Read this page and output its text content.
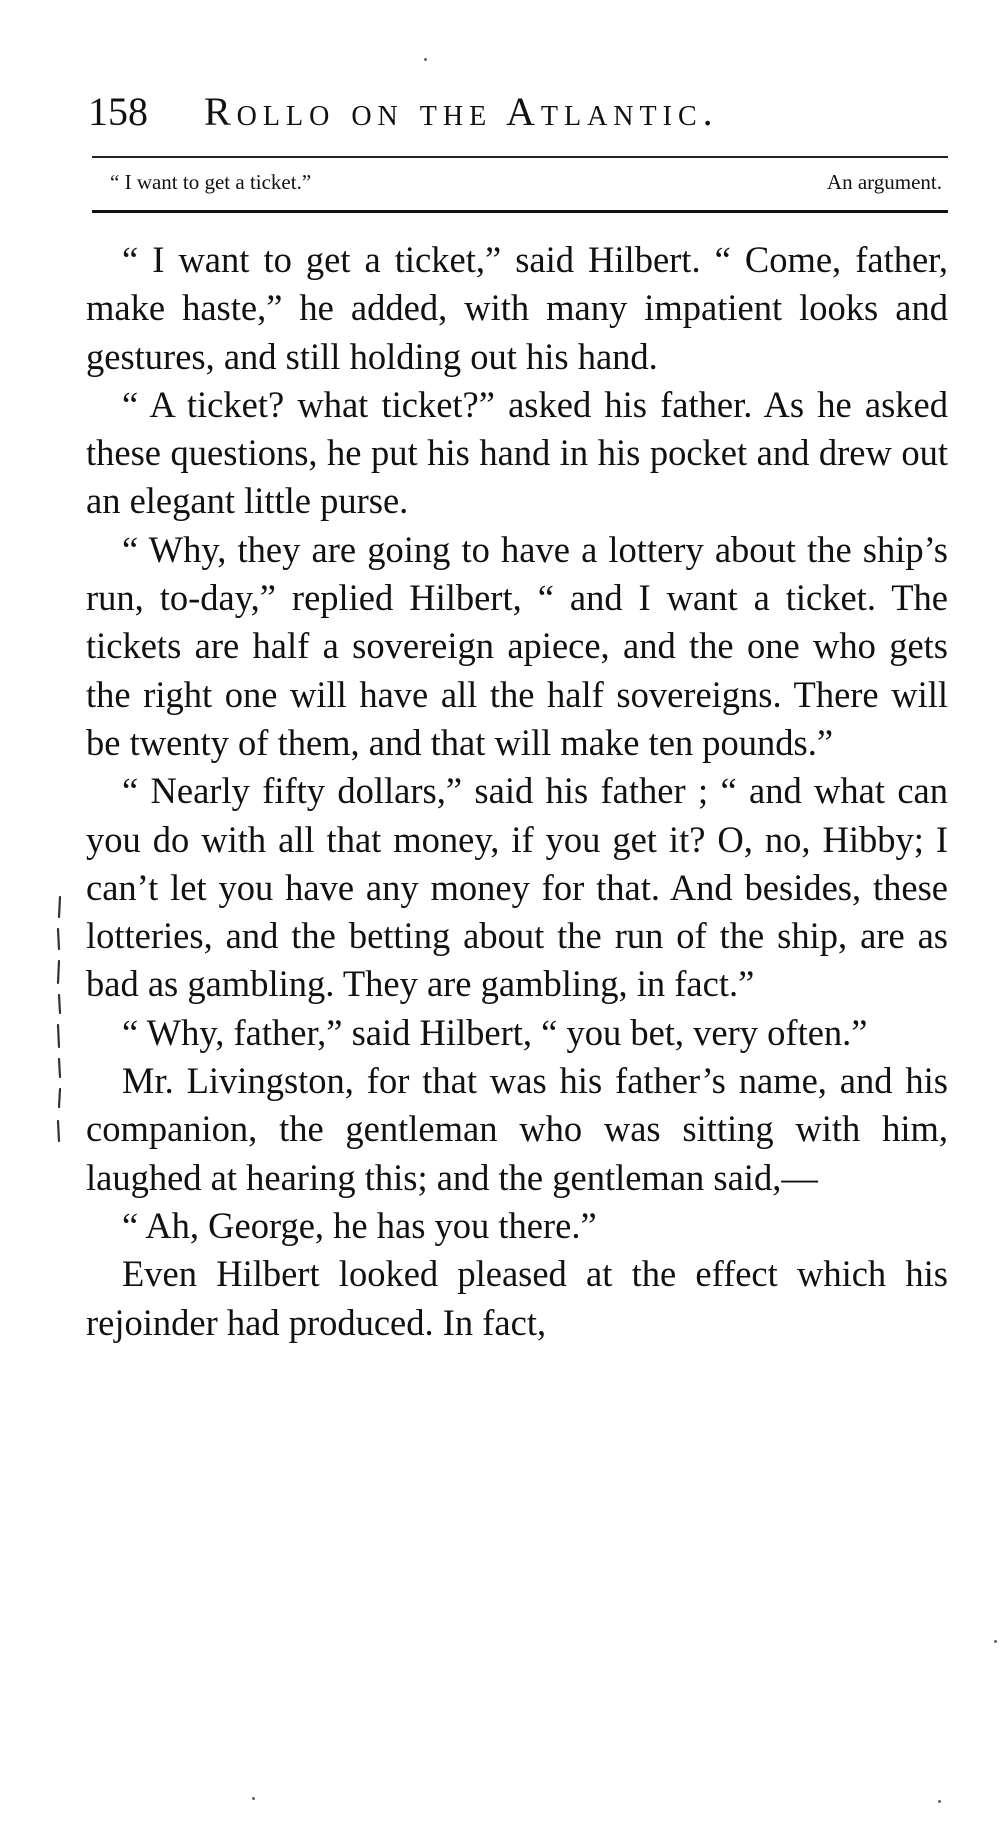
158 Rollo on the Atlantic.
“ I want to get a ticket.”	An argument.

“ I want to get a ticket,” said Hilbert. “ Come, father, make haste,” he added, with many impatient looks and gestures, and still holding out his hand.

“ A ticket? what ticket?” asked his father. As he asked these questions, he put his hand in his pocket and drew out an elegant little purse.

“ Why, they are going to have a lottery about the ship’s run, to-day,” replied Hilbert, “ and I want a ticket. The tickets are half a sovereign apiece, and the one who gets the right one will have all the half sovereigns. There will be twenty of them, and that will make ten pounds.”

“ Nearly fifty dollars,” said his father ; “ and what can you do with all that money, if you get it? O, no, Hibby; I can’t let you have any money for that. And besides, these lotteries, and the betting about the run of the ship, are as bad as gambling. They are gambling, in fact.”

“ Why, father,” said Hilbert, “ you bet, very often.”

Mr. Livingston, for that was his father’s name, and his companion, the gentleman who was sitting with him, laughed at hearing this; and the gentleman said,—

“ Ah, George, he has you there.”

Even Hilbert looked pleased at the effect which his rejoinder had produced. In fact,
